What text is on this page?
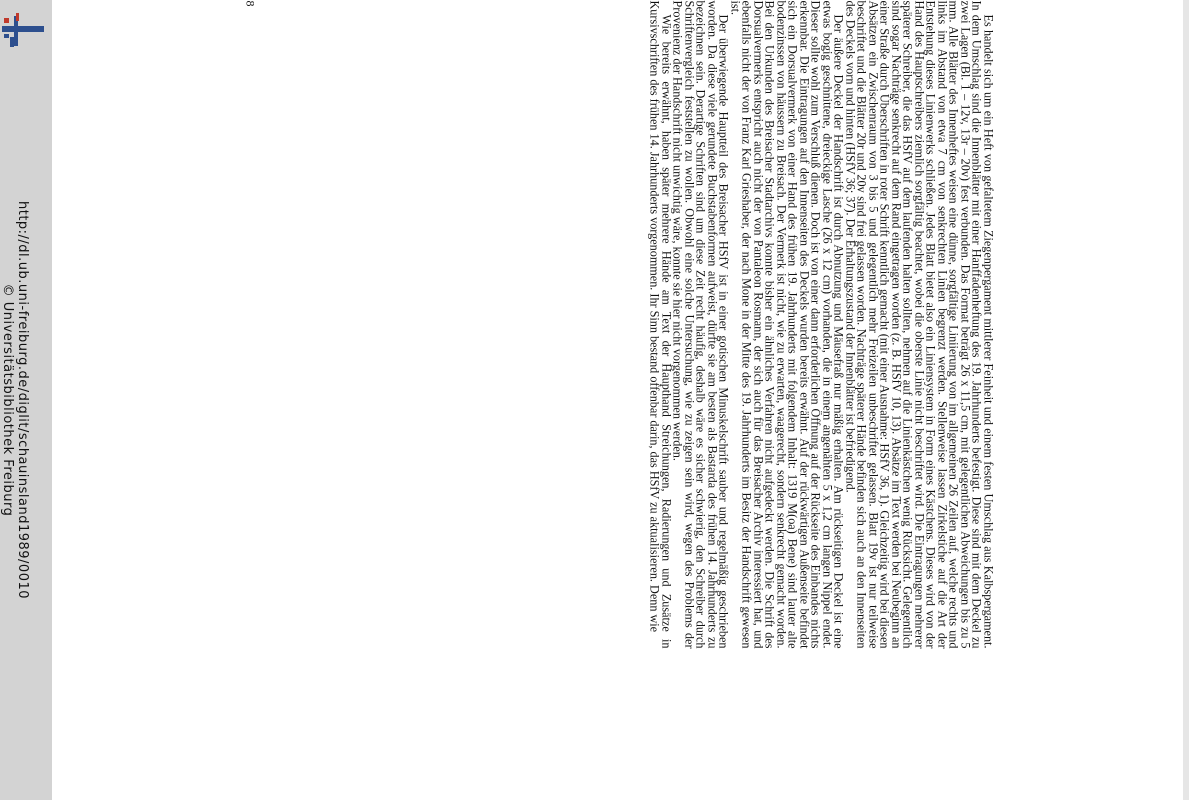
http://dl.ub.uni-freiburg.de/diglit/schauinsland1989/0010
© Universitätsbibliothek Freiburg	Es handelt sich um ein Heft von gefaltetem Ziegenpergament mittlerer Feinheit und einem festen Umschlag aus Kalbspergament. In dem Umschlag sind die Innenblätter mit einer Hanffadenheftung des 19. Jahrhunderts befestigt. Diese sind mit dem Deckel zu zwei Lagen (Bl. 1 – 12v, 13r – 20v) fest verbunden. Das Format beträgt 26 x 11,5 cm, mit gelegentlichen Abweichungen bis zu 5 mm. Alle Blätter des Innenheftes weisen eine dünne, sorgfältige Liniierung von im allgemeinen 26 Zeilen auf, welche rechts und links im Abstand von etwa 7 cm von senkrechten Linien begrenzt werden. Stellenweise lassen Zirkelstiche auf die Art der Entstehung dieses Linienwerks schließen. Jedes Blatt bietet also ein Liniensystem in Form eines Kästchens. Dieses wird von der Hand des Hauptschreibers ziemlich sorgfältig beachtet, wobei die oberste Linie nicht beschriftet wird. Die Eintragungen mehrerer späterer Schreiber, die das HSfV auf dem laufenden halten sollten, nehmen auf die Linienkästchen wenig Rücksicht. Gelegentlich sind sogar Nachträge senkrecht auf dem Rand eingetragen worden (z. B. HSfV 10, 13). Absätze im Text werden bei Neubeginn an einer Straße durch Überschriften in roter Schrift kenntlich gemacht (mit einer Ausnahme: HSfV 36, 1). Gleichzeitig wird bei diesen Absätzen ein Zwischenraum von 3 bis 5 und gelegentlich mehr Freizeilen unbeschriftet gelassen. Blatt 19v ist nur teilweise beschriftet und die Blätter 20r und 20v sind frei gelassen worden. Nachträge späterer Hände befinden sich auch an den Innenseiten des Deckels vorn und hinten (HSfV 36; 37). Der Erhaltungszustand der Innenblätter ist befriedigend.

Der äußere Deckel der Handschrift ist durch Abnutzung und Mäusefraß nur mäßig erhalten. Am rückseitigen Deckel ist eine etwas bogig geschnittene, dreieckige Lasche (26 x 12 cm) vorhanden, die in einem angenähten 5 x 1,2 cm langen Nippel endet. Dieser sollte wohl zum Verschluß dienen. Doch ist von einer dann erforderlichen Öffnung auf der Rückseite des Einbandes nichts erkennbar. Die Eintragungen auf den Innenseiten des Deckels wurden bereits erwähnt. Auf der rückwärtigen Außenseite befindet sich ein Dorsualvermerk von einer Hand des frühen 19. Jahrhunderts mit folgendem Inhalt: 1319 M(oa) Bene) sind lauter alte bodenzinssen von häussern zu Breisach. Der Vermerk ist nicht, wie zu erwarten, waagerecht, sondern senkrecht gemacht worden. Bei den Urkunden des Breisacher Stadtarchivs konnte bisher ein ähnliches Verfahren nicht aufgedeckt werden. Die Schrift des Dorsualvermerks entspricht auch nicht der von Pantaleon Rosmann, der sich auch für das Breisacher Archiv interessiert hat, und ebenfalls nicht der von Franz Karl Grieshaber, der nach Mone in der Mitte des 19. Jahrhunderts im Besitz der Handschrift gewesen ist.

Der überwiegende Hauptteil des Breisacher HSfV ist in einer gotischen Minuskelschrift sauber und regelmäßig geschrieben worden. Da diese viele gerundete Buchstabenformen aufweist, dürfte sie am besten als Bastarda des frühen 14. Jahrhunderts zu bezeichnen sein. Derartige Schriften sind um diese Zeit recht häufig, deshalb wäre es sicher schwierig, den Schreiber durch Schriftenvergleich feststellen zu wollen. Obwohl eine solche Untersuchung, wie zu zeigen sein wird, wegen des Problems der Provenienz der Handschrift nicht unwichtig wäre, konnte sie hier nicht vorgenommen werden.

Wie bereits erwähnt, haben später mehrere Hände am Text der Haupthand Streichungen, Radierungen und Zusätze in Kursivschriften des frühen 14. Jahrhunderts vorgenommen. Ihr Sinn bestand offenbar darin, das HSfV zu aktualisieren. Denn wie

8
